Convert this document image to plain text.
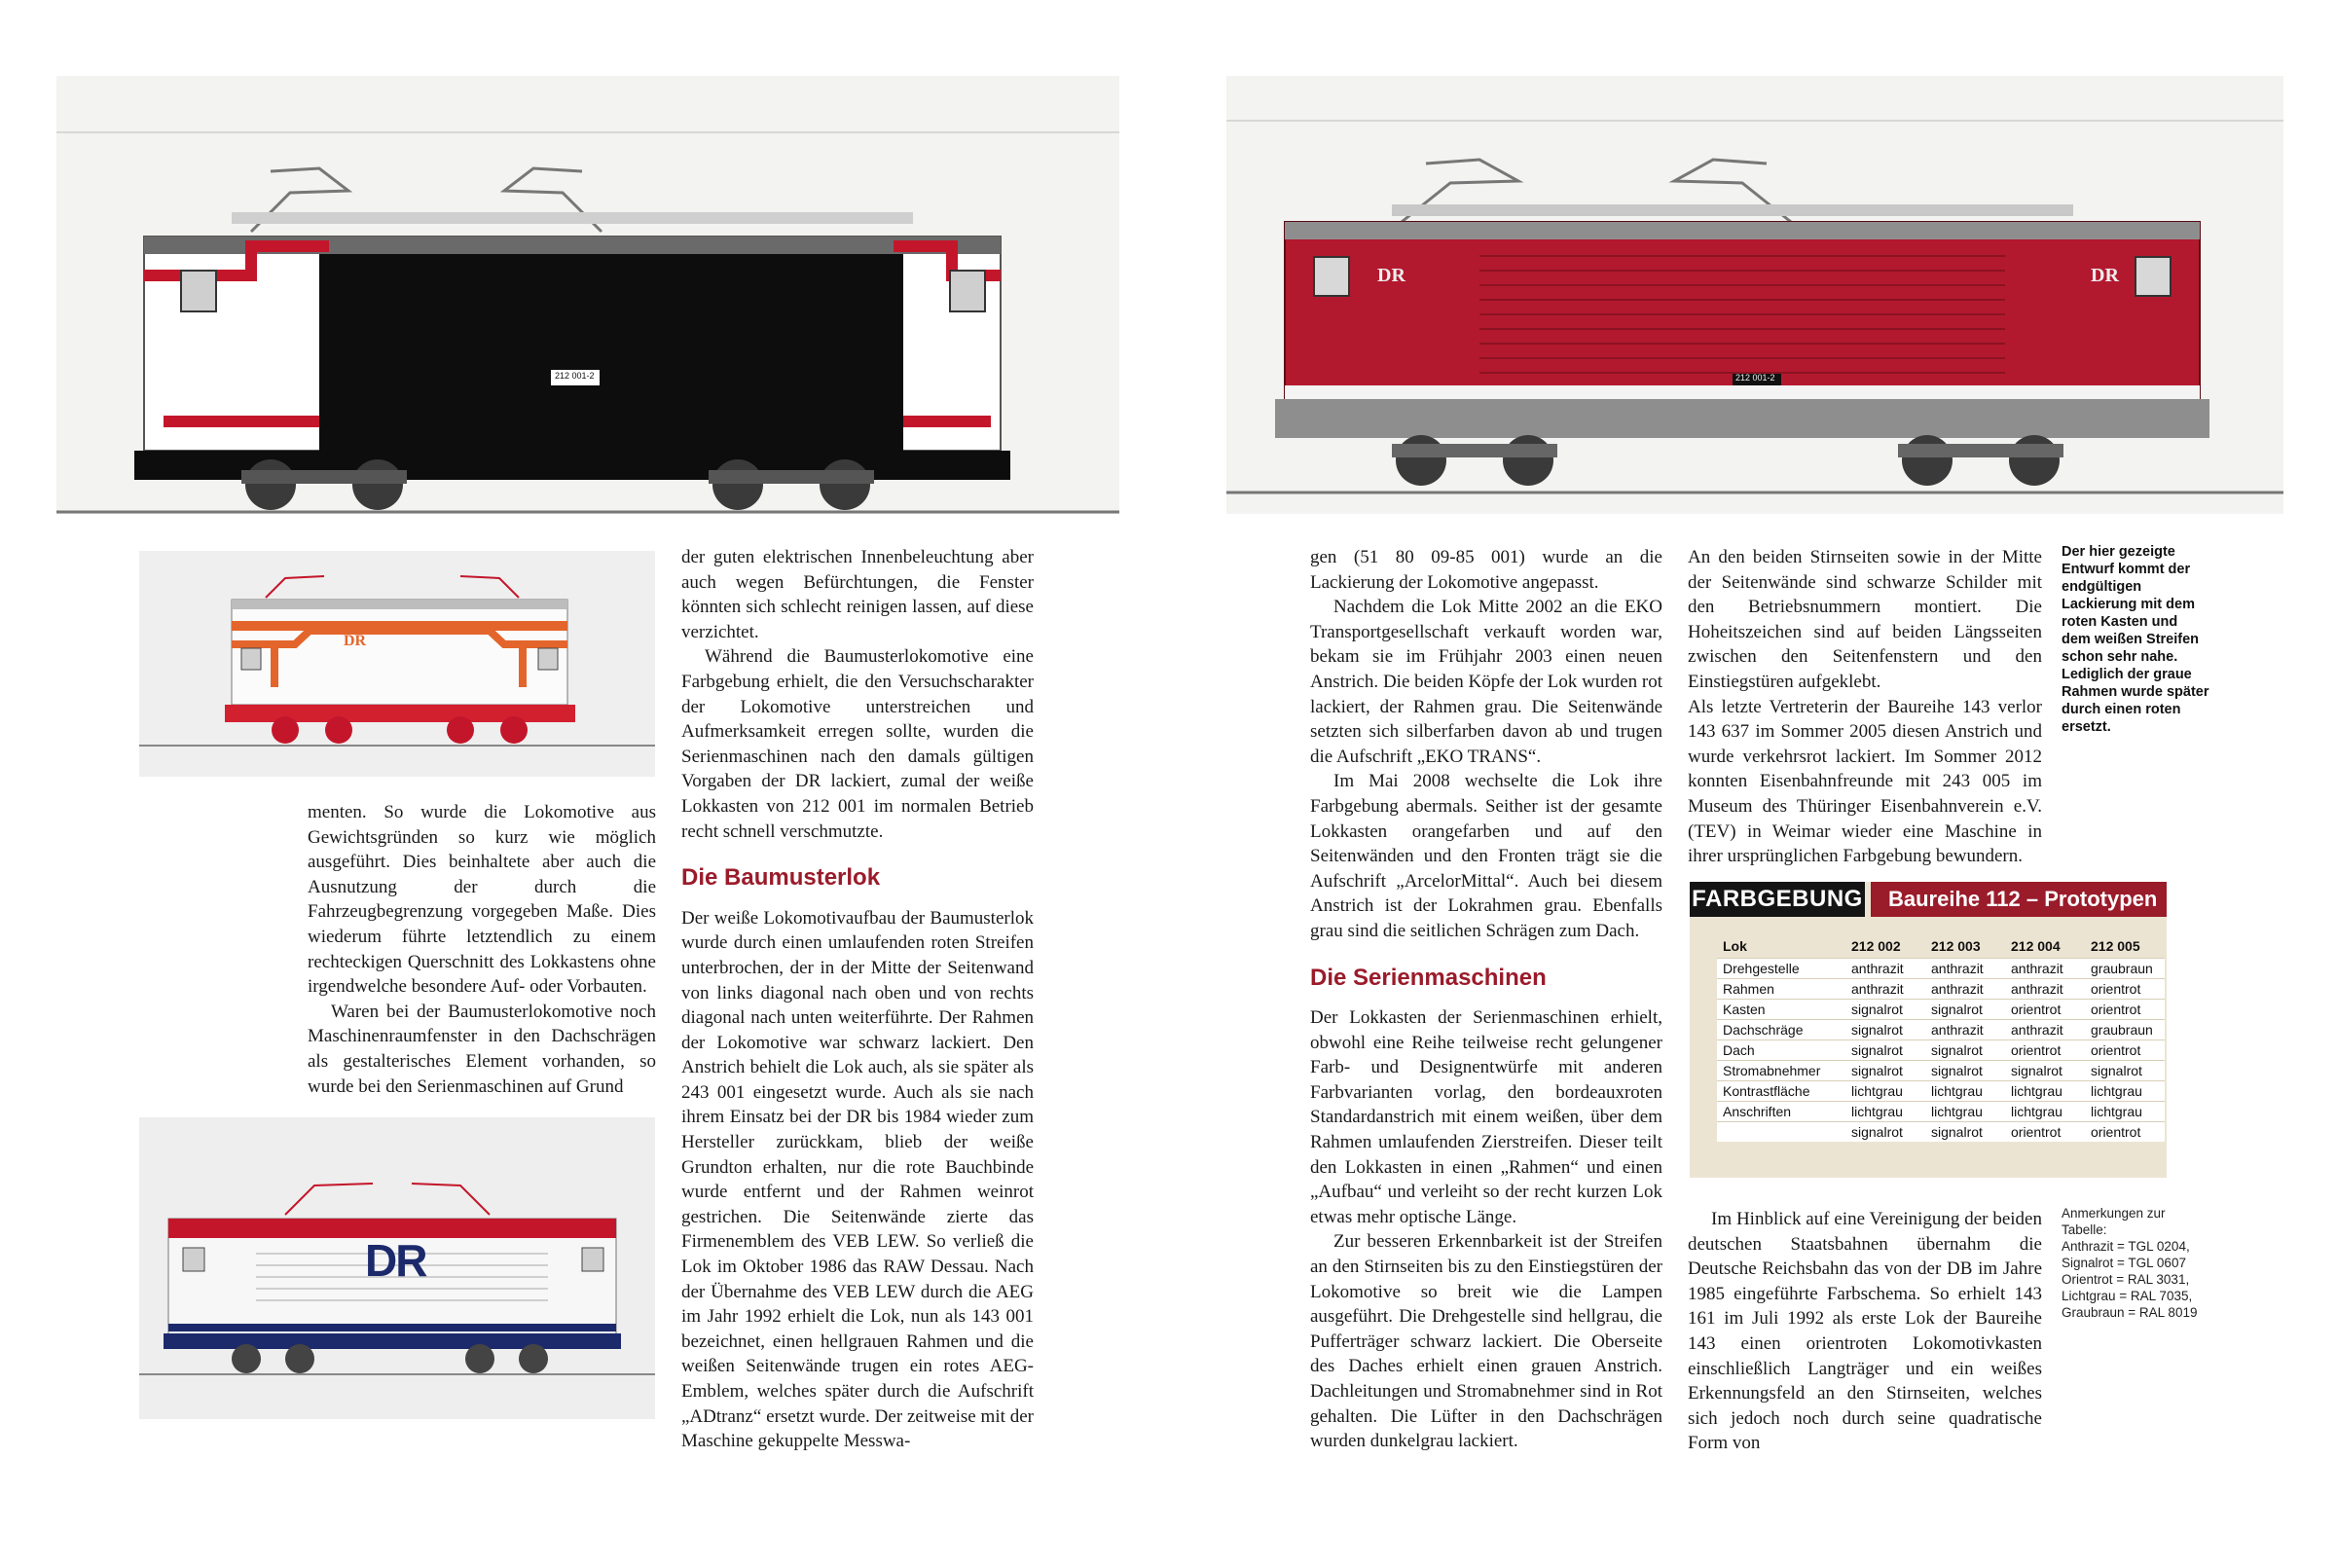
212 001-2
DR	DR
212 001-2
DR
DR

menten. So wurde die Lokomotive aus Gewichtsgründen so kurz wie möglich ausgeführt. Dies beinhaltete aber auch die Ausnutzung der durch die Fahrzeugbegrenzung vorgegeben Maße. Dies wiederum führte letztendlich zu einem rechteckigen Querschnitt des Lokkastens ohne irgendwelche besondere Auf- oder Vorbauten.

Waren bei der Baumusterlokomotive noch Maschinenraumfenster in den Dachschrägen als gestalterisches Element vorhanden, so wurde bei den Serienmaschinen auf Grund

der guten elektrischen Innenbeleuchtung aber auch wegen Befürchtungen, die Fenster könnten sich schlecht reinigen lassen, auf diese verzichtet.

Während die Baumusterlokomotive eine Farbgebung erhielt, die den Versuchscharakter der Lokomotive unterstreichen und Aufmerksamkeit erregen sollte, wurden die Serienmaschinen nach den damals gültigen Vorgaben der DR lackiert, zumal der weiße Lokkasten von 212 001 im normalen Betrieb recht schnell verschmutzte.

Die Baumusterlok

Der weiße Lokomotivaufbau der Baumusterlok wurde durch einen umlaufenden roten Streifen unterbrochen, der in der Mitte der Seitenwand von links diagonal nach oben und von rechts diagonal nach unten weiterführte. Der Rahmen der Lokomotive war schwarz lackiert. Den Anstrich behielt die Lok auch, als sie später als 243 001 eingesetzt wurde. Auch als sie nach ihrem Einsatz bei der DR bis 1984 wieder zum Hersteller zurückkam, blieb der weiße Grundton erhalten, nur die rote Bauchbinde wurde entfernt und der Rahmen weinrot gestrichen. Die Seitenwände zierte das Firmenemblem des VEB LEW. So verließ die Lok im Oktober 1986 das RAW Dessau. Nach der Übernahme des VEB LEW durch die AEG im Jahr 1992 erhielt die Lok, nun als 143 001 bezeichnet, einen hellgrauen Rahmen und die weißen Seitenwände trugen ein rotes AEG-Emblem, welches später durch die Aufschrift „ADtranz“ ersetzt wurde. Der zeitweise mit der Maschine gekuppelte Messwa-

gen (51 80 09-85 001) wurde an die Lackierung der Lokomotive angepasst.

Nachdem die Lok Mitte 2002 an die EKO Transportgesellschaft verkauft worden war, bekam sie im Frühjahr 2003 einen neuen Anstrich. Die beiden Köpfe der Lok wurden rot lackiert, der Rahmen grau. Die Seitenwände setzten sich silberfarben davon ab und trugen die Aufschrift „EKO TRANS“.

Im Mai 2008 wechselte die Lok ihre Farbgebung abermals. Seither ist der gesamte Lokkasten orangefarben und auf den Seitenwänden und den Fronten trägt sie die Aufschrift „ArcelorMittal“. Auch bei diesem Anstrich ist der Lokrahmen grau. Ebenfalls grau sind die seitlichen Schrägen zum Dach.

Die Serienmaschinen

Der Lokkasten der Serienmaschinen erhielt, obwohl eine Reihe teilweise recht gelungener Farb- und Designentwürfe mit anderen Farbvarianten vorlag, den bordeauxroten Standardanstrich mit einem weißen, über dem Rahmen umlaufenden Zierstreifen. Dieser teilt den Lokkasten in einen „Rahmen“ und einen „Aufbau“ und verleiht so der recht kurzen Lok etwas mehr optische Länge.

Zur besseren Erkennbarkeit ist der Streifen an den Stirnseiten bis zu den Einstiegstüren der Lokomotive so breit wie die Lampen ausgeführt. Die Drehgestelle sind hellgrau, die Pufferträger schwarz lackiert. Die Oberseite des Daches erhielt einen grauen Anstrich. Dachleitungen und Stromabnehmer sind in Rot gehalten. Die Lüfter in den Dachschrägen wurden dunkelgrau lackiert.

An den beiden Stirnseiten sowie in der Mitte der Seitenwände sind schwarze Schilder mit den Betriebsnummern montiert. Die Hoheitszeichen sind auf beiden Längsseiten zwischen den Seitenfenstern und den Einstiegstüren aufgeklebt.

Als letzte Vertreterin der Baureihe 143 verlor 143 637 im Sommer 2005 diesen Anstrich und wurde verkehrsrot lackiert. Im Sommer 2012 konnten Eisenbahnfreunde mit 243 005 im Museum des Thüringer Eisenbahnverein e.V. (TEV) in Weimar wieder eine Maschine in ihrer ursprünglichen Farbgebung bewundern.

Im Hinblick auf eine Vereinigung der beiden deutschen Staatsbahnen übernahm die Deutsche Reichsbahn das von der DB im Jahre 1985 eingeführte Farbschema. So erhielt 143 161 im Juli 1992 als erste Lok der Baureihe 143 einen orientroten Lokomotivkasten einschließlich Langträger und ein weißes Erkennungsfeld an den Stirnseiten, welches sich jedoch noch durch seine quadratische Form von

Der hier gezeigte Entwurf kommt der endgültigen Lackierung mit dem roten Kasten und dem weißen Streifen schon sehr nahe. Lediglich der graue Rahmen wurde später durch einen roten ersetzt.
FARBGEBUNG	Baureihe 112 – Prototypen
Lok	212 002	212 003	212 004	212 005
Drehgestelle	anthrazit	anthrazit	anthrazit	graubraun
Rahmen	anthrazit	anthrazit	anthrazit	orientrot
Kasten	signalrot	signalrot	orientrot	orientrot
Dachschräge	signalrot	anthrazit	anthrazit	graubraun
Dach	signalrot	signalrot	orientrot	orientrot
Stromabnehmer	signalrot	signalrot	signalrot	signalrot
Kontrastfläche	lichtgrau	lichtgrau	lichtgrau	lichtgrau
Anschriften	lichtgrau	lichtgrau	lichtgrau	lichtgrau
	signalrot	signalrot	orientrot	orientrot
Anmerkungen zur
Tabelle:
Anthrazit = TGL 0204,
Signalrot = TGL 0607
Orientrot = RAL 3031,
Lichtgrau = RAL 7035,
Graubraun = RAL 8019
